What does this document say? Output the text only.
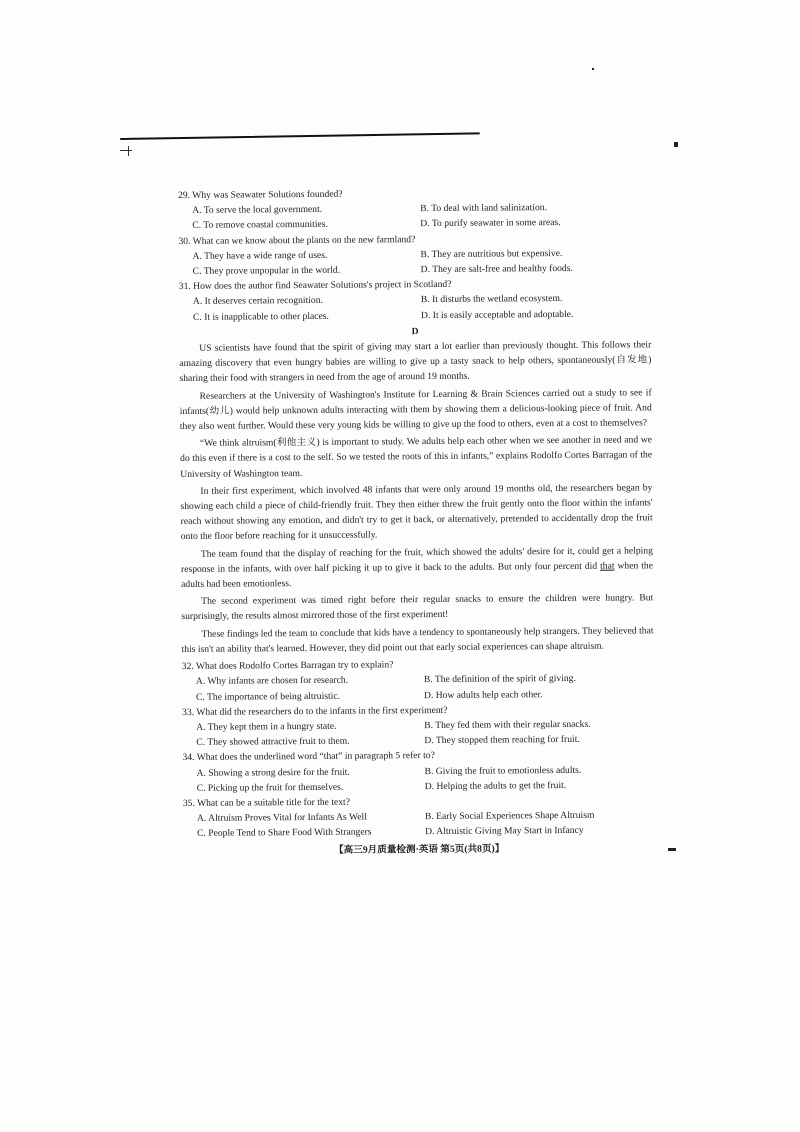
29. Why was Seawater Solutions founded?

A. To serve the local government.	B. To deal with land salinization.
C. To remove coastal communities.	D. To purify seawater in some areas.

30. What can we know about the plants on the new farmland?

A. They have a wide range of uses.	B. They are nutritious but expensive.
C. They prove unpopular in the world.	D. They are salt-free and healthy foods.

31. How does the author find Seawater Solutions's project in Scotland?

A. It deserves certain recognition.	B. It disturbs the wetland ecosystem.
C. It is inapplicable to other places.	D. It is easily acceptable and adoptable.

D

US scientists have found that the spirit of giving may start a lot earlier than previously thought. This follows their amazing discovery that even hungry babies are willing to give up a tasty snack to help others, spontaneously(自发地) sharing their food with strangers in need from the age of around 19 months.

Researchers at the University of Washington's Institute for Learning & Brain Sciences carried out a study to see if infants(幼儿) would help unknown adults interacting with them by showing them a delicious-looking piece of fruit. And they also went further. Would these very young kids be willing to give up the food to others, even at a cost to themselves?

“We think altruism(利他主义) is important to study. We adults help each other when we see another in need and we do this even if there is a cost to the self. So we tested the roots of this in infants,” explains Rodolfo Cortes Barragan of the University of Washington team.

In their first experiment, which involved 48 infants that were only around 19 months old, the researchers began by showing each child a piece of child-friendly fruit. They then either threw the fruit gently onto the floor within the infants' reach without showing any emotion, and didn't try to get it back, or alternatively, pretended to accidentally drop the fruit onto the floor before reaching for it unsuccessfully.

The team found that the display of reaching for the fruit, which showed the adults' desire for it, could get a helping response in the infants, with over half picking it up to give it back to the adults. But only four percent did that when the adults had been emotionless.

The second experiment was timed right before their regular snacks to ensure the children were hungry. But surprisingly, the results almost mirrored those of the first experiment!

These findings led the team to conclude that kids have a tendency to spontaneously help strangers. They believed that this isn't an ability that's learned. However, they did point out that early social experiences can shape altruism.

32. What does Rodolfo Cortes Barragan try to explain?

A. Why infants are chosen for research.	B. The definition of the spirit of giving.
C. The importance of being altruistic.	D. How adults help each other.

33. What did the researchers do to the infants in the first experiment?

A. They kept them in a hungry state.	B. They fed them with their regular snacks.
C. They showed attractive fruit to them.	D. They stopped them reaching for fruit.

34. What does the underlined word “that” in paragraph 5 refer to?

A. Showing a strong desire for the fruit.	B. Giving the fruit to emotionless adults.
C. Picking up the fruit for themselves.	D. Helping the adults to get the fruit.

35. What can be a suitable title for the text?

A. Altruism Proves Vital for Infants As Well	B. Early Social Experiences Shape Altruism
C. People Tend to Share Food With Strangers	D. Altruistic Giving May Start in Infancy
【高三9月质量检测·英语 第5页(共8页)】
